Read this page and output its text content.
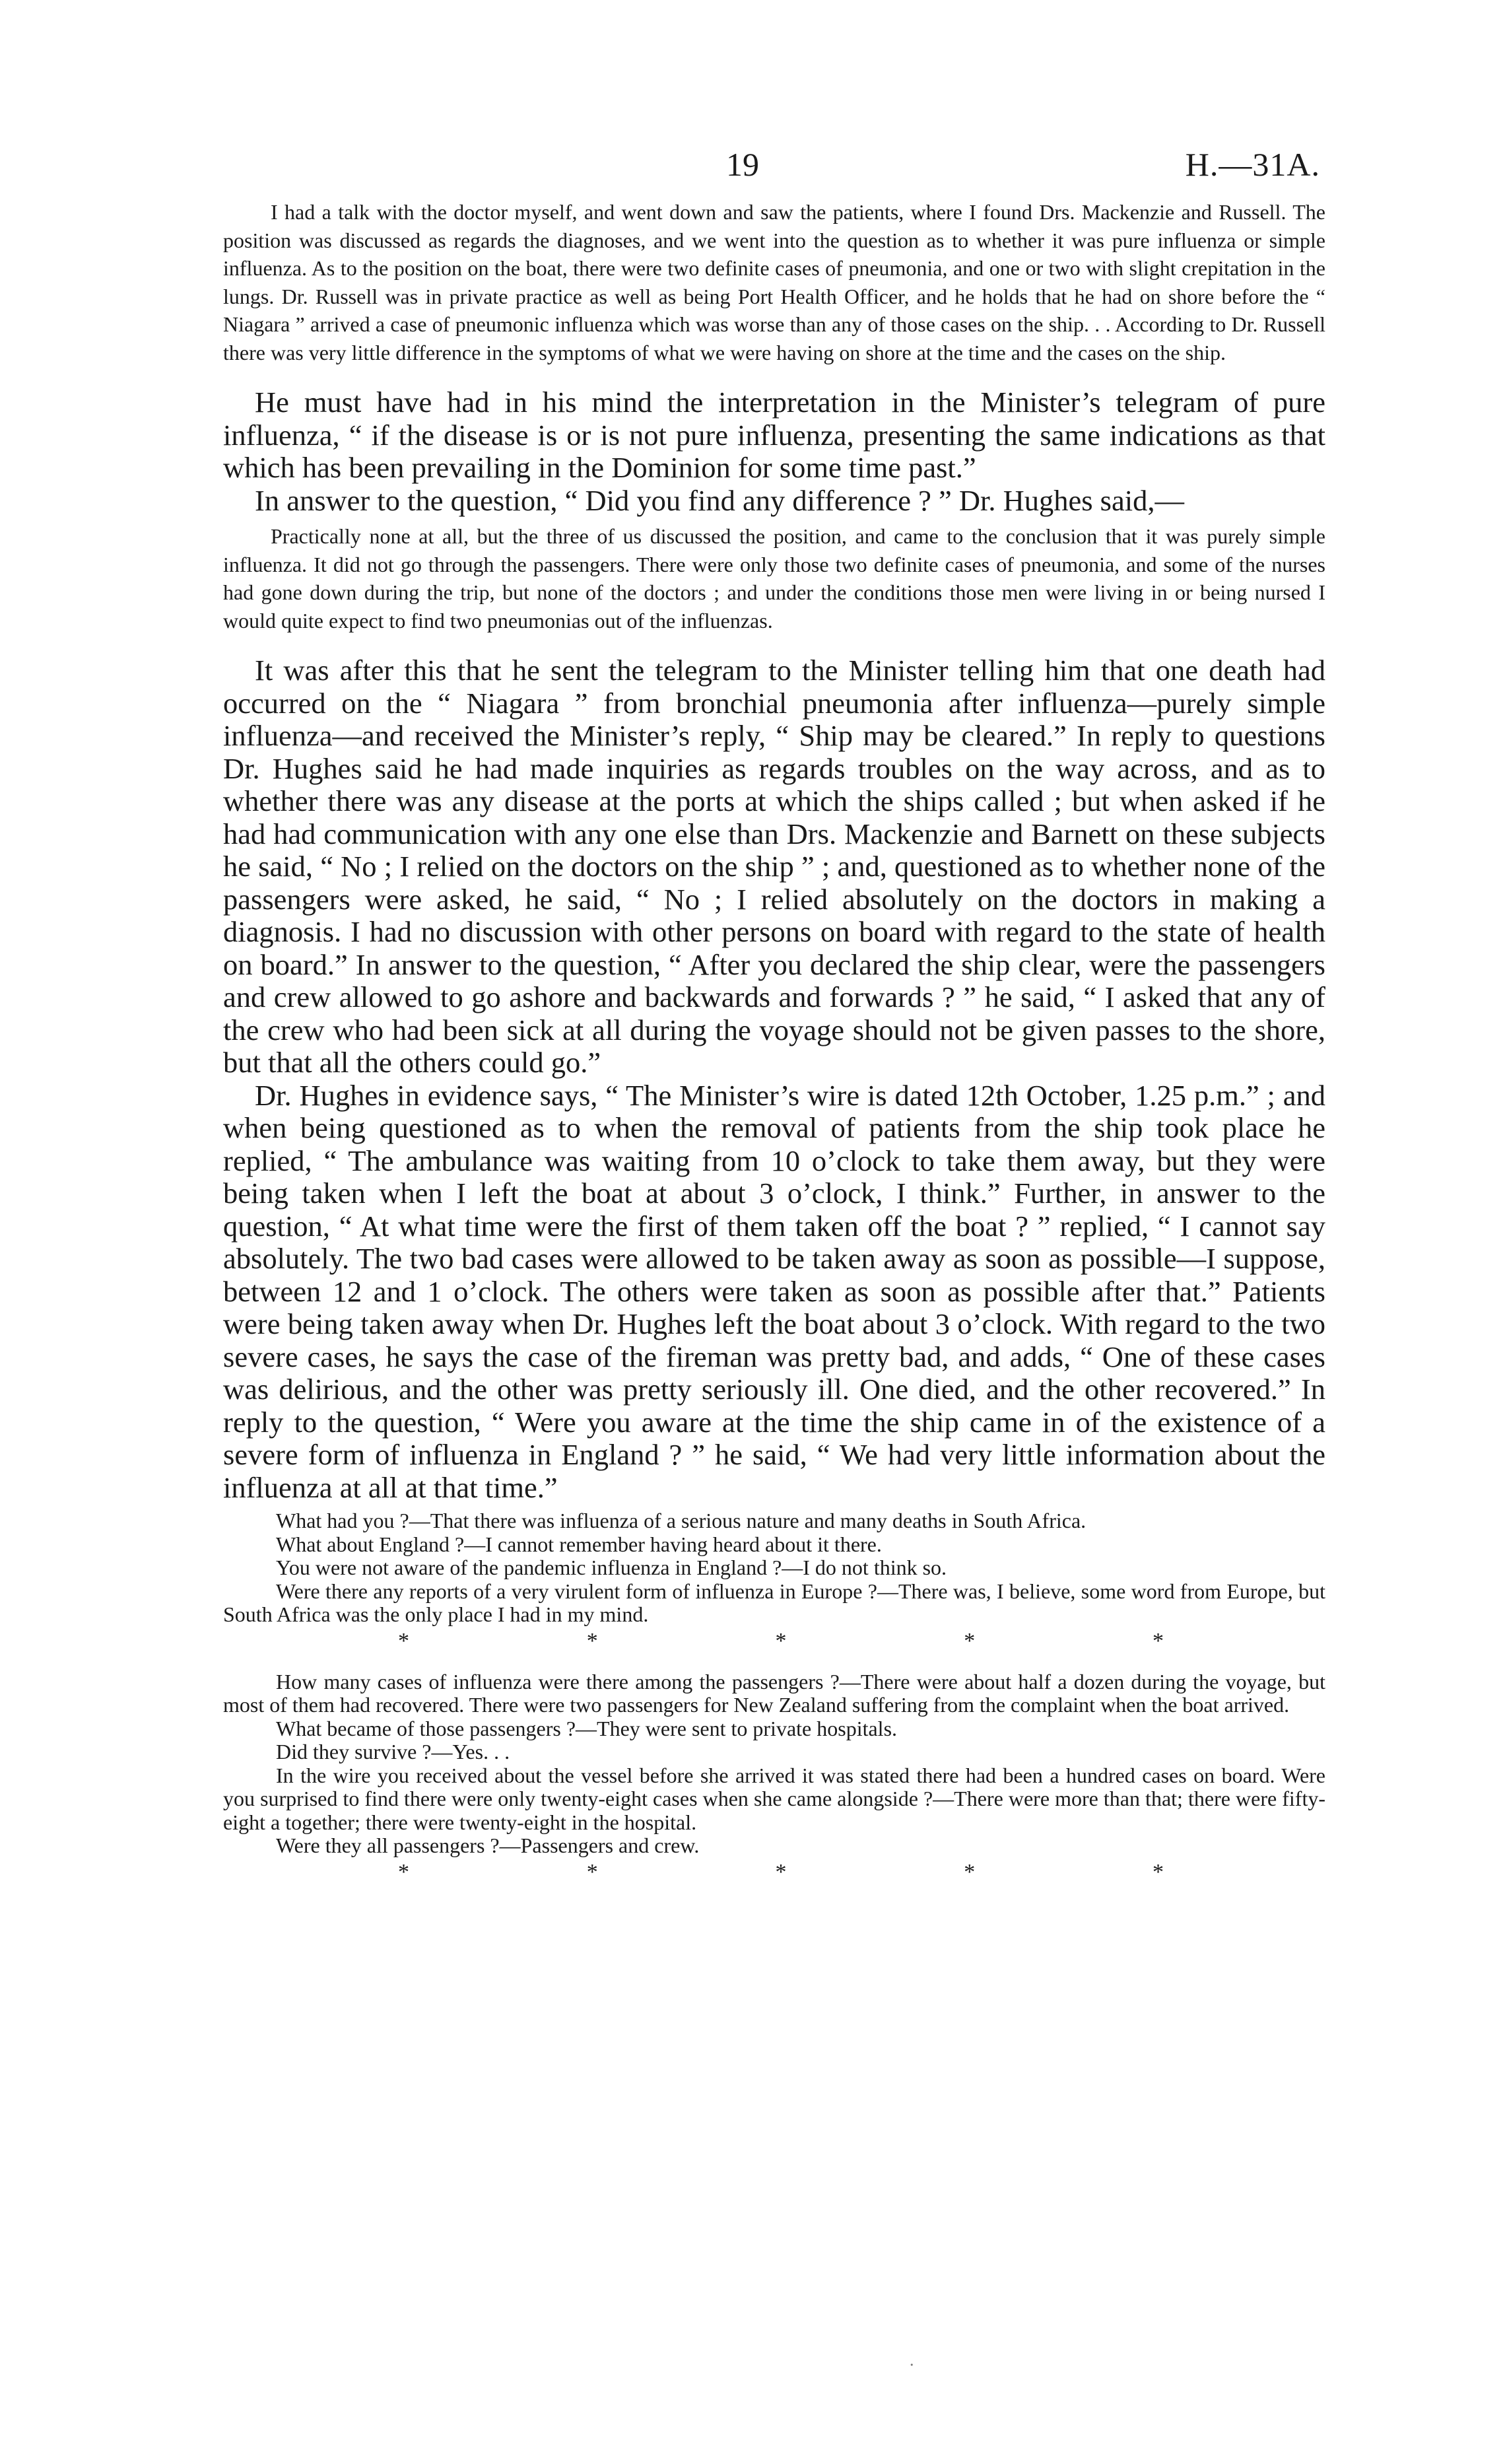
19	H.—31A.

I had a talk with the doctor myself, and went down and saw the patients, where I found Drs. Mackenzie and Russell. The position was discussed as regards the diagnoses, and we went into the question as to whether it was pure influenza or simple influenza. As to the position on the boat, there were two definite cases of pneumonia, and one or two with slight crepitation in the lungs. Dr. Russell was in private practice as well as being Port Health Officer, and he holds that he had on shore before the “ Niagara ” arrived a case of pneumonic influenza which was worse than any of those cases on the ship. . . According to Dr. Russell there was very little difference in the symptoms of what we were having on shore at the time and the cases on the ship.

He must have had in his mind the interpretation in the Minister’s telegram of pure influenza, “ if the disease is or is not pure influenza, presenting the same indications as that which has been prevailing in the Dominion for some time past.”

In answer to the question, “ Did you find any difference ? ” Dr. Hughes said,—

Practically none at all, but the three of us discussed the position, and came to the conclusion that it was purely simple influenza. It did not go through the passengers. There were only those two definite cases of pneumonia, and some of the nurses had gone down during the trip, but none of the doctors ; and under the conditions those men were living in or being nursed I would quite expect to find two pneumonias out of the influenzas.

It was after this that he sent the telegram to the Minister telling him that one death had occurred on the “ Niagara ” from bronchial pneumonia after influenza—purely simple influenza—and received the Minister’s reply, “ Ship may be cleared.” In reply to questions Dr. Hughes said he had made inquiries as regards troubles on the way across, and as to whether there was any disease at the ports at which the ships called ; but when asked if he had had communication with any one else than Drs. Mackenzie and Barnett on these subjects he said, “ No ; I relied on the doctors on the ship ” ; and, questioned as to whether none of the passengers were asked, he said, “ No ; I relied absolutely on the doctors in making a diagnosis. I had no discussion with other persons on board with regard to the state of health on board.” In answer to the question, “ After you declared the ship clear, were the passengers and crew allowed to go ashore and backwards and forwards ? ” he said, “ I asked that any of the crew who had been sick at all during the voyage should not be given passes to the shore, but that all the others could go.”

Dr. Hughes in evidence says, “ The Minister’s wire is dated 12th October, 1.25 p.m.” ; and when being questioned as to when the removal of patients from the ship took place he replied, “ The ambulance was waiting from 10 o’clock to take them away, but they were being taken when I left the boat at about 3 o’clock, I think.” Further, in answer to the question, “ At what time were the first of them taken off the boat ? ” replied, “ I cannot say absolutely. The two bad cases were allowed to be taken away as soon as possible—I suppose, between 12 and 1 o’clock. The others were taken as soon as possible after that.” Patients were being taken away when Dr. Hughes left the boat about 3 o’clock. With regard to the two severe cases, he says the case of the fireman was pretty bad, and adds, “ One of these cases was delirious, and the other was pretty seriously ill. One died, and the other recovered.” In reply to the question, “ Were you aware at the time the ship came in of the existence of a severe form of influenza in England ? ” he said, “ We had very little information about the influenza at all at that time.”

What had you ?—That there was influenza of a serious nature and many deaths in South Africa.

What about England ?—I cannot remember having heard about it there.

You were not aware of the pandemic influenza in England ?—I do not think so.

Were there any reports of a very virulent form of influenza in Europe ?—There was, I believe, some word from Europe, but South Africa was the only place I had in my mind.

*	*	*	*	*

How many cases of influenza were there among the passengers ?—There were about half a dozen during the voyage, but most of them had recovered. There were two passengers for New Zealand suffering from the complaint when the boat arrived.

What became of those passengers ?—They were sent to private hospitals.

Did they survive ?—Yes. . .

In the wire you received about the vessel before she arrived it was stated there had been a hundred cases on board. Were you surprised to find there were only twenty-eight cases when she came alongside ?—There were more than that; there were fifty-eight a together; there were twenty-eight in the hospital.

Were they all passengers ?—Passengers and crew.

*	*	*	*	*
.
